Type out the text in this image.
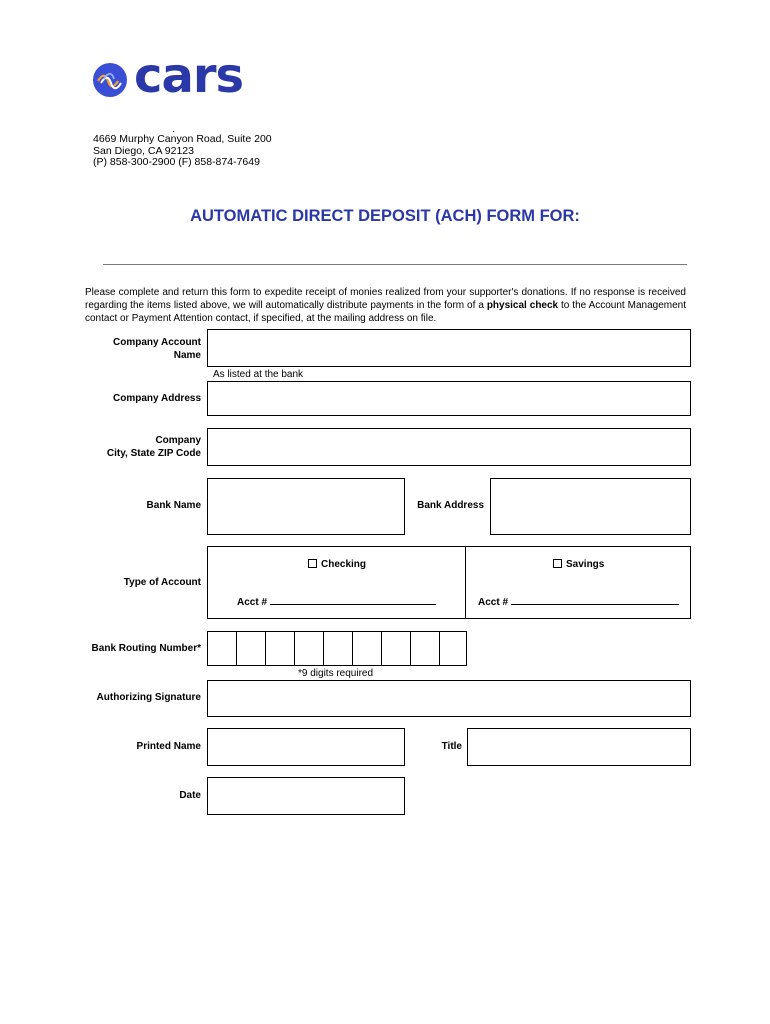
cars
.
4669 Murphy Canyon Road, Suite 200
San Diego, CA 92123
(P) 858-300-2900 (F) 858-874-7649
AUTOMATIC DIRECT DEPOSIT (ACH) FORM FOR:
Please complete and return this form to expedite receipt of monies realized from your supporter's donations. If no response is received regarding the items listed above, we will automatically distribute payments in the form of a physical check to the Account Management contact or Payment Attention contact, if specified, at the mailing address on file.
Company Account
Name
As listed at the bank
Company Address
Company
City, State ZIP Code
Bank Name	Bank Address
Type of Account
Checking	Savings
Acct #	Acct #
Bank Routing Number*
*9 digits required
Authorizing Signature
Printed Name	Title
Date
